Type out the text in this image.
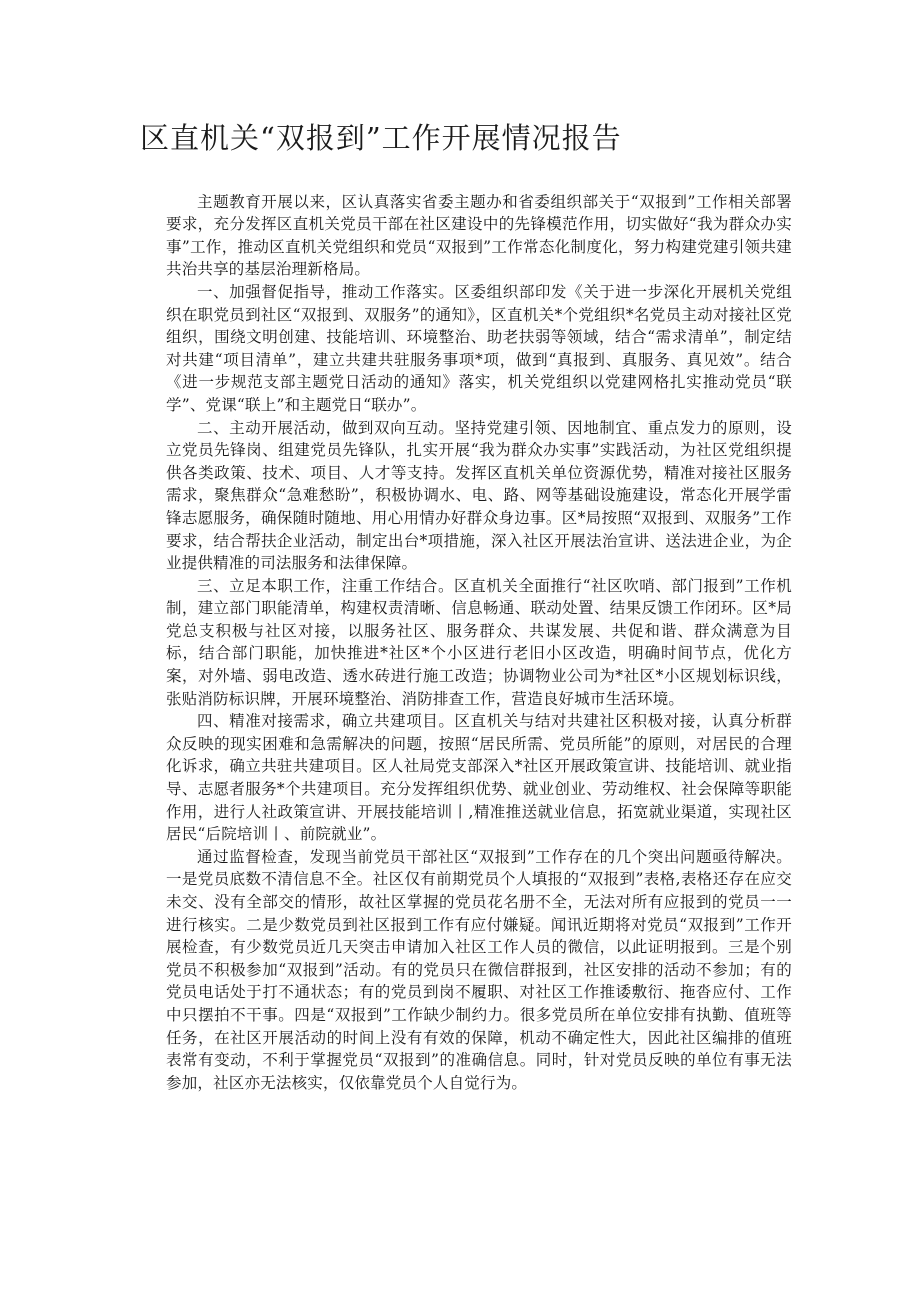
区直机关“双报到”工作开展情况报告

主题教育开展以来，区认真落实省委主题办和省委组织部关于“双报到”工作相关部署要求，充分发挥区直机关党员干部在社区建设中的先锋模范作用，切实做好“我为群众办实事”工作，推动区直机关党组织和党员“双报到”工作常态化制度化，努力构建党建引领共建共治共享的基层治理新格局。

一、加强督促指导，推动工作落实。区委组织部印发《关于进一步深化开展机关党组织在职党员到社区“双报到、双服务”的通知》，区直机关*个党组织*名党员主动对接社区党组织，围绕文明创建、技能培训、环境整治、助老扶弱等领域，结合“需求清单”，制定结对共建“项目清单”，建立共建共驻服务事项*项，做到“真报到、真服务、真见效”。结合《进一步规范支部主题党日活动的通知》落实，机关党组织以党建网格扎实推动党员“联学”、党课“联上”和主题党日“联办”。

二、主动开展活动，做到双向互动。坚持党建引领、因地制宜、重点发力的原则，设立党员先锋岗、组建党员先锋队，扎实开展“我为群众办实事”实践活动，为社区党组织提供各类政策、技术、项目、人才等支持。发挥区直机关单位资源优势，精准对接社区服务需求，聚焦群众“急难愁盼”，积极协调水、电、路、网等基础设施建设，常态化开展学雷锋志愿服务，确保随时随地、用心用情办好群众身边事。区*局按照“双报到、双服务”工作要求，结合帮扶企业活动，制定出台*项措施，深入社区开展法治宣讲、送法进企业，为企业提供精准的司法服务和法律保障。

三、立足本职工作，注重工作结合。区直机关全面推行“社区吹哨、部门报到”工作机制，建立部门职能清单，构建权责清晰、信息畅通、联动处置、结果反馈工作闭环。区*局党总支积极与社区对接，以服务社区、服务群众、共谋发展、共促和谐、群众满意为目标，结合部门职能，加快推进*社区*个小区进行老旧小区改造，明确时间节点，优化方案，对外墙、弱电改造、透水砖进行施工改造；协调物业公司为*社区*小区规划标识线，张贴消防标识牌，开展环境整治、消防排查工作，营造良好城市生活环境。

四、精准对接需求，确立共建项目。区直机关与结对共建社区积极对接，认真分析群众反映的现实困难和急需解决的问题，按照“居民所需、党员所能”的原则，对居民的合理化诉求，确立共驻共建项目。区人社局党支部深入*社区开展政策宣讲、技能培训、就业指导、志愿者服务*个共建项目。充分发挥组织优势、就业创业、劳动维权、社会保障等职能作用，进行人社政策宣讲、开展技能培训丨,精准推送就业信息，拓宽就业渠道，实现社区居民“后院培训丨、前院就业”。

通过监督检查，发现当前党员干部社区“双报到”工作存在的几个突出问题亟待解决。一是党员底数不清信息不全。社区仅有前期党员个人填报的“双报到”表格,表格还存在应交未交、没有全部交的情形，故社区掌握的党员花名册不全，无法对所有应报到的党员一一进行核实。二是少数党员到社区报到工作有应付嫌疑。闻讯近期将对党员“双报到”工作开展检查，有少数党员近几天突击申请加入社区工作人员的微信，以此证明报到。三是个别党员不积极参加“双报到”活动。有的党员只在微信群报到，社区安排的活动不参加；有的党员电话处于打不通状态；有的党员到岗不履职、对社区工作推诿敷衍、拖沓应付、工作中只摆拍不干事。四是“双报到”工作缺少制约力。很多党员所在单位安排有执勤、值班等任务，在社区开展活动的时间上没有有效的保障，机动不确定性大，因此社区编排的值班表常有变动，不利于掌握党员“双报到”的准确信息。同时，针对党员反映的单位有事无法参加，社区亦无法核实，仅依靠党员个人自觉行为。
